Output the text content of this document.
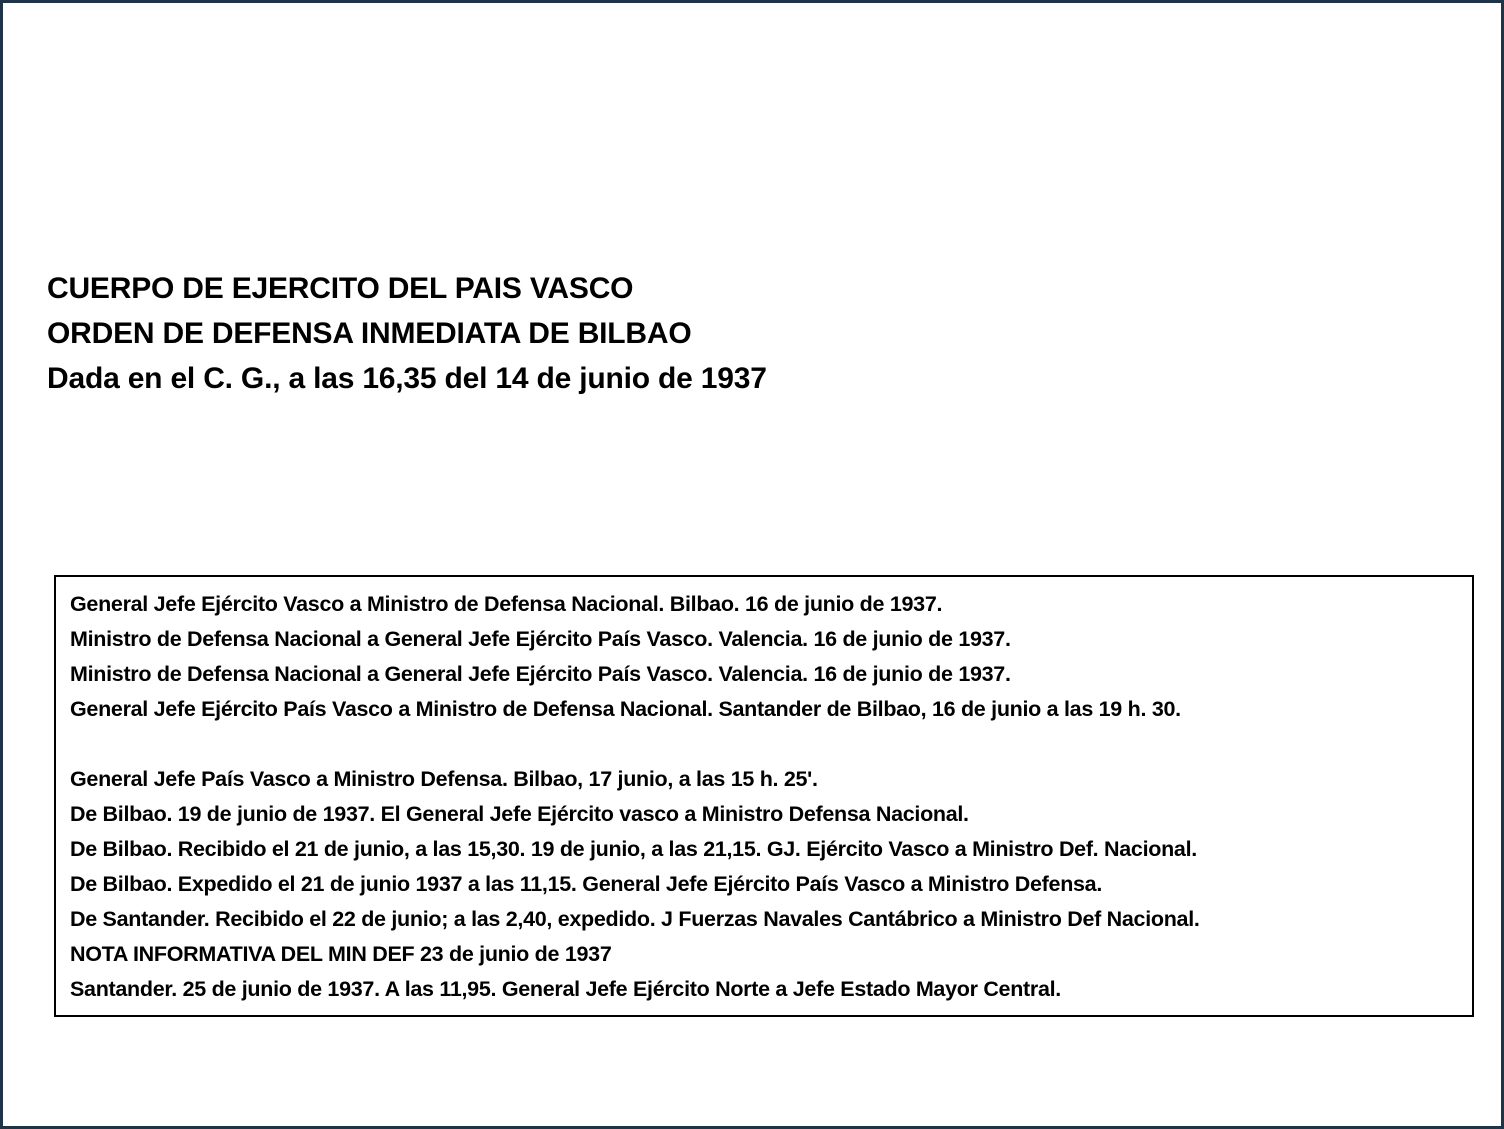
CUERPO DE EJERCITO DEL PAIS VASCO
ORDEN DE DEFENSA INMEDIATA DE BILBAO
Dada en el C. G., a las 16,35 del 14 de junio de 1937
General Jefe Ejército Vasco a Ministro de Defensa Nacional. Bilbao. 16 de junio de 1937.
Ministro de Defensa Nacional a General Jefe Ejército País Vasco. Valencia. 16 de junio de 1937.
Ministro de Defensa Nacional a General Jefe Ejército País Vasco. Valencia. 16 de junio de 1937.
General Jefe Ejército País Vasco a Ministro de Defensa Nacional. Santander de Bilbao, 16 de junio a las 19 h. 30.
General Jefe País Vasco a Ministro Defensa. Bilbao, 17 junio, a las 15 h. 25'.
De Bilbao. 19 de junio de 1937. El General Jefe Ejército vasco a Ministro Defensa Nacional.
De Bilbao. Recibido el 21 de junio, a las 15,30. 19 de junio, a las 21,15. GJ. Ejército Vasco a Ministro Def. Nacional.
De Bilbao. Expedido el 21 de junio 1937 a las 11,15. General Jefe Ejército País Vasco a Ministro Defensa.
De Santander. Recibido el 22 de junio; a las 2,40, expedido. J Fuerzas Navales Cantábrico a Ministro Def Nacional.
NOTA INFORMATIVA DEL MIN DEF 23 de junio de 1937
Santander. 25 de junio de 1937. A las 11,95. General Jefe Ejército Norte a Jefe Estado Mayor Central.
